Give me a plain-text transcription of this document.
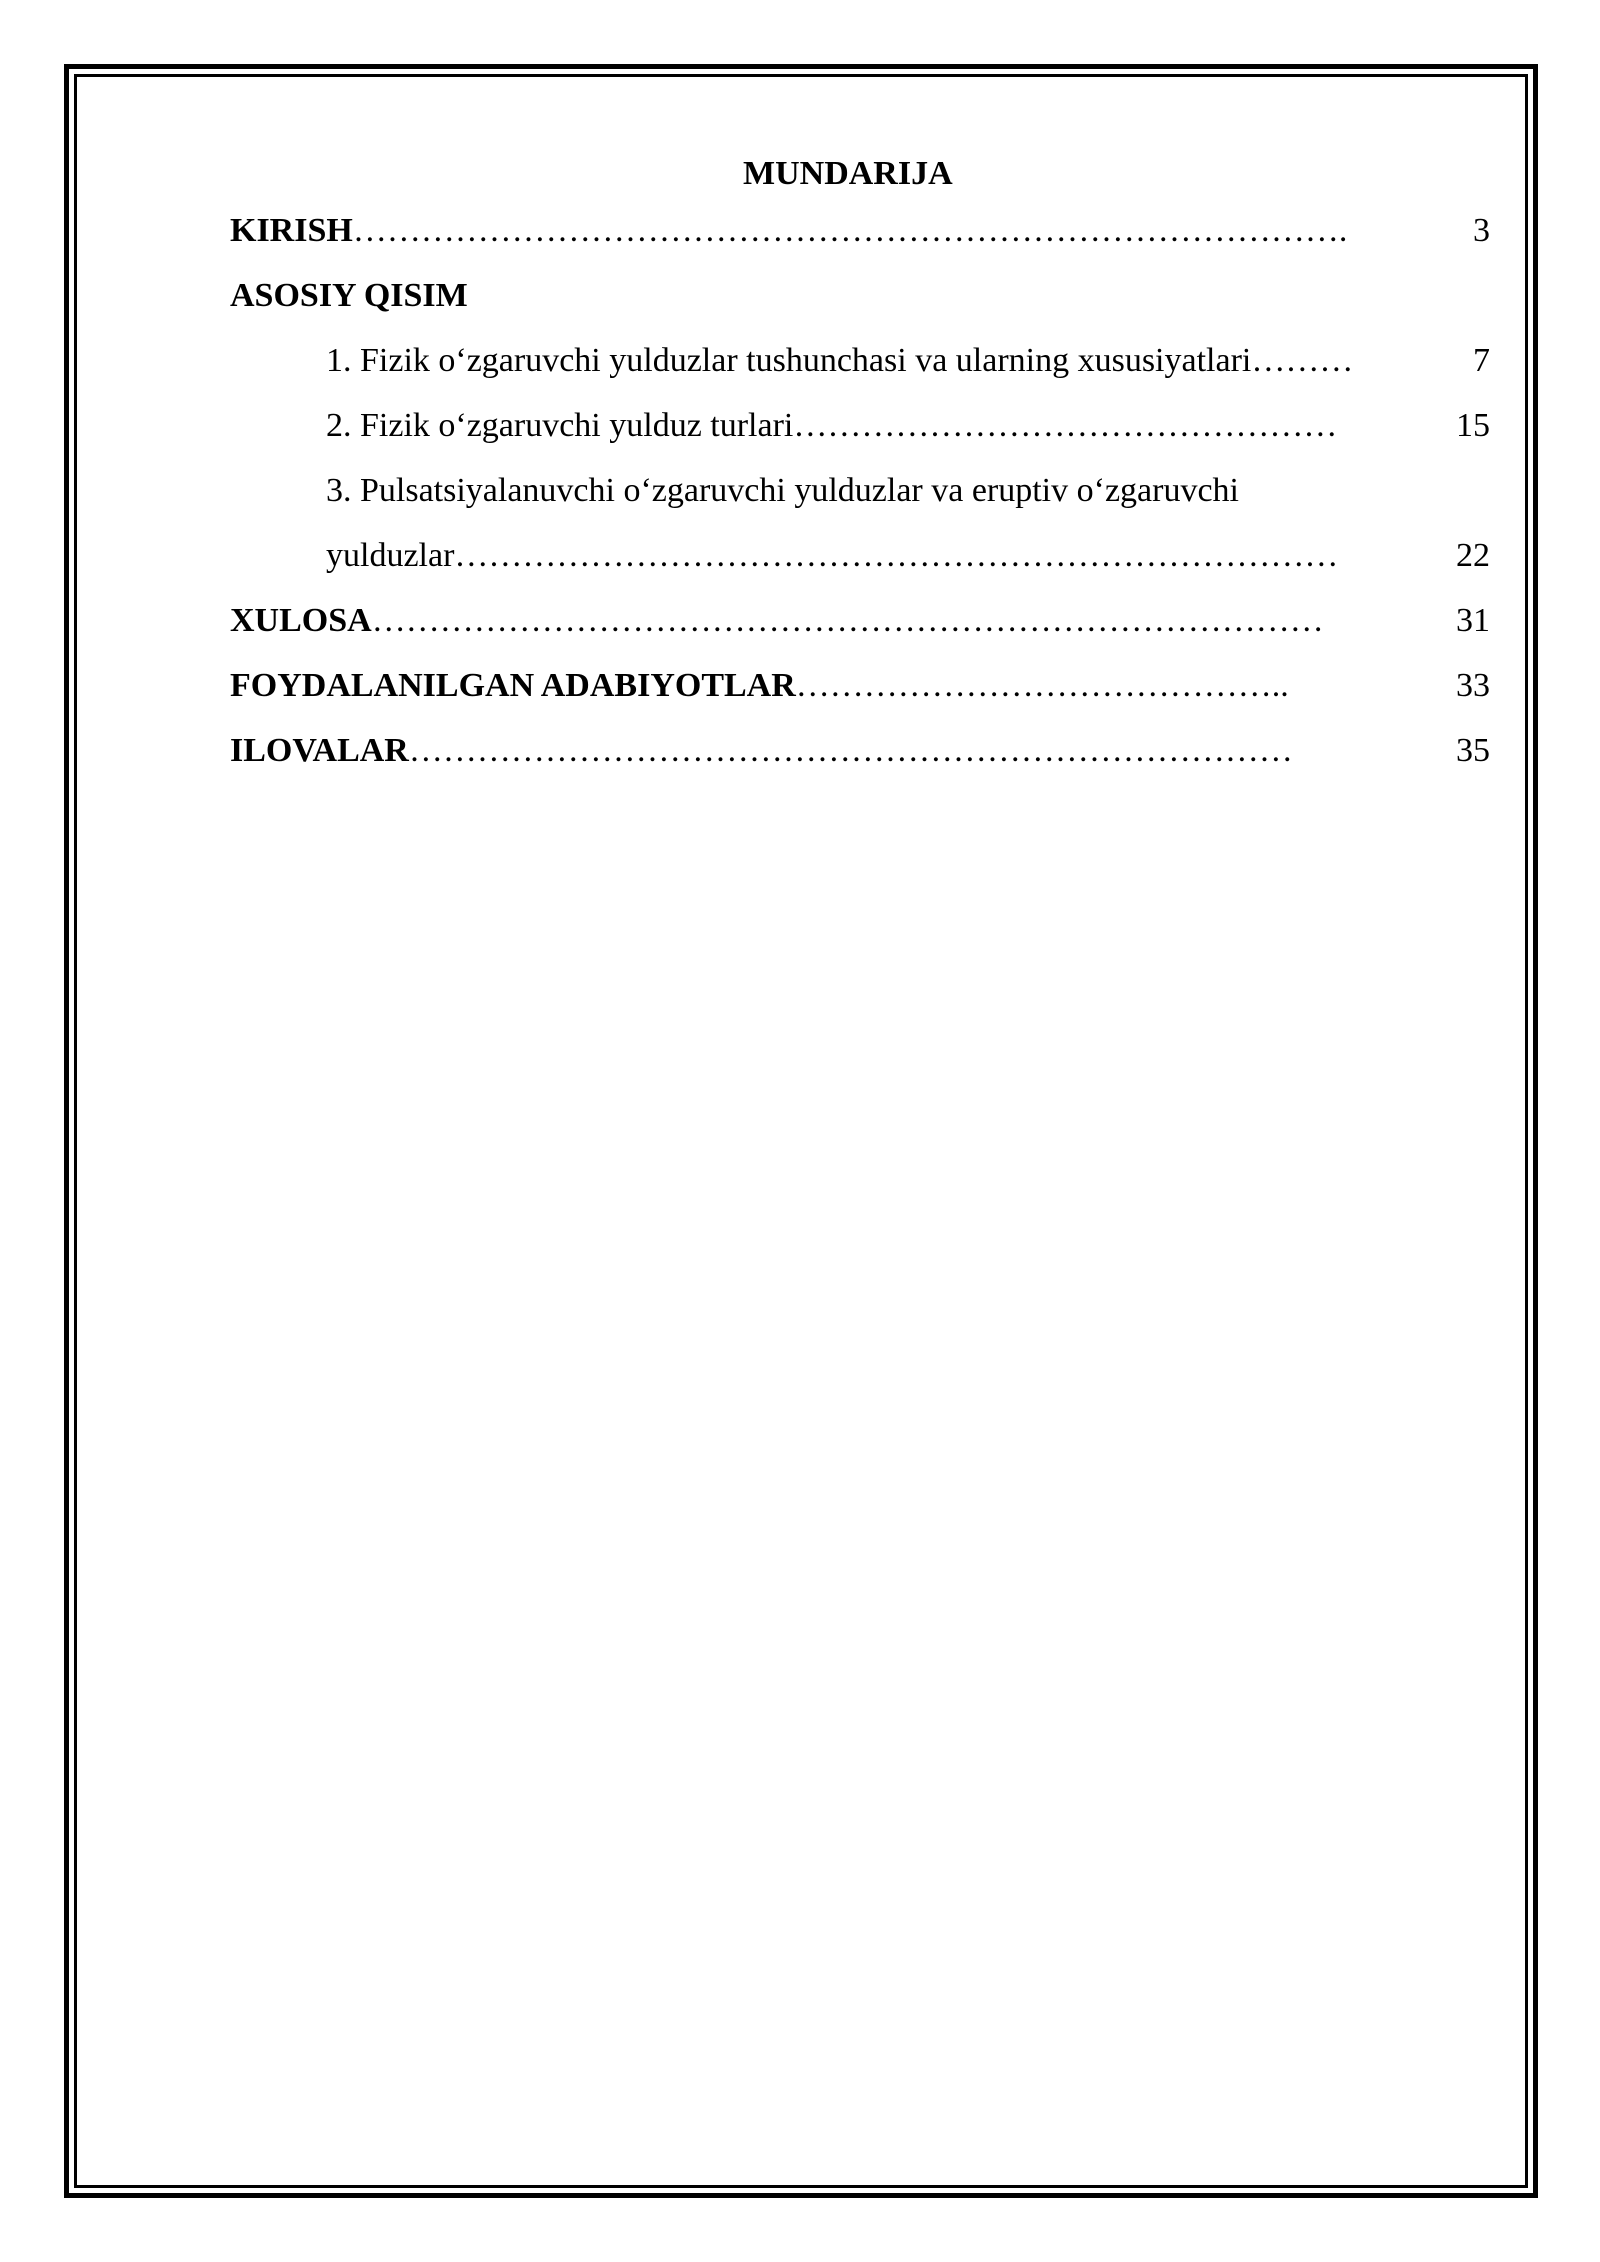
MUNDARIJA
KIRISH …………………………………………………………………………….	3
ASOSIY QISIM
1. Fizik o‘zgaruvchi yulduzlar tushunchasi va ularning xususiyatlari ………	7
2. Fizik o‘zgaruvchi yulduz turlari …………………………………………	15
3. Pulsatsiyalanuvchi o‘zgaruvchi yulduzlar va eruptiv o‘zgaruvchi
yulduzlar ……………………………………………………………………	22
XULOSA …………………………………………………………………………	31
FOYDALANILGAN ADABIYOTLAR ……………………………………..	33
ILOVALAR ……………………………………………………………………	35
